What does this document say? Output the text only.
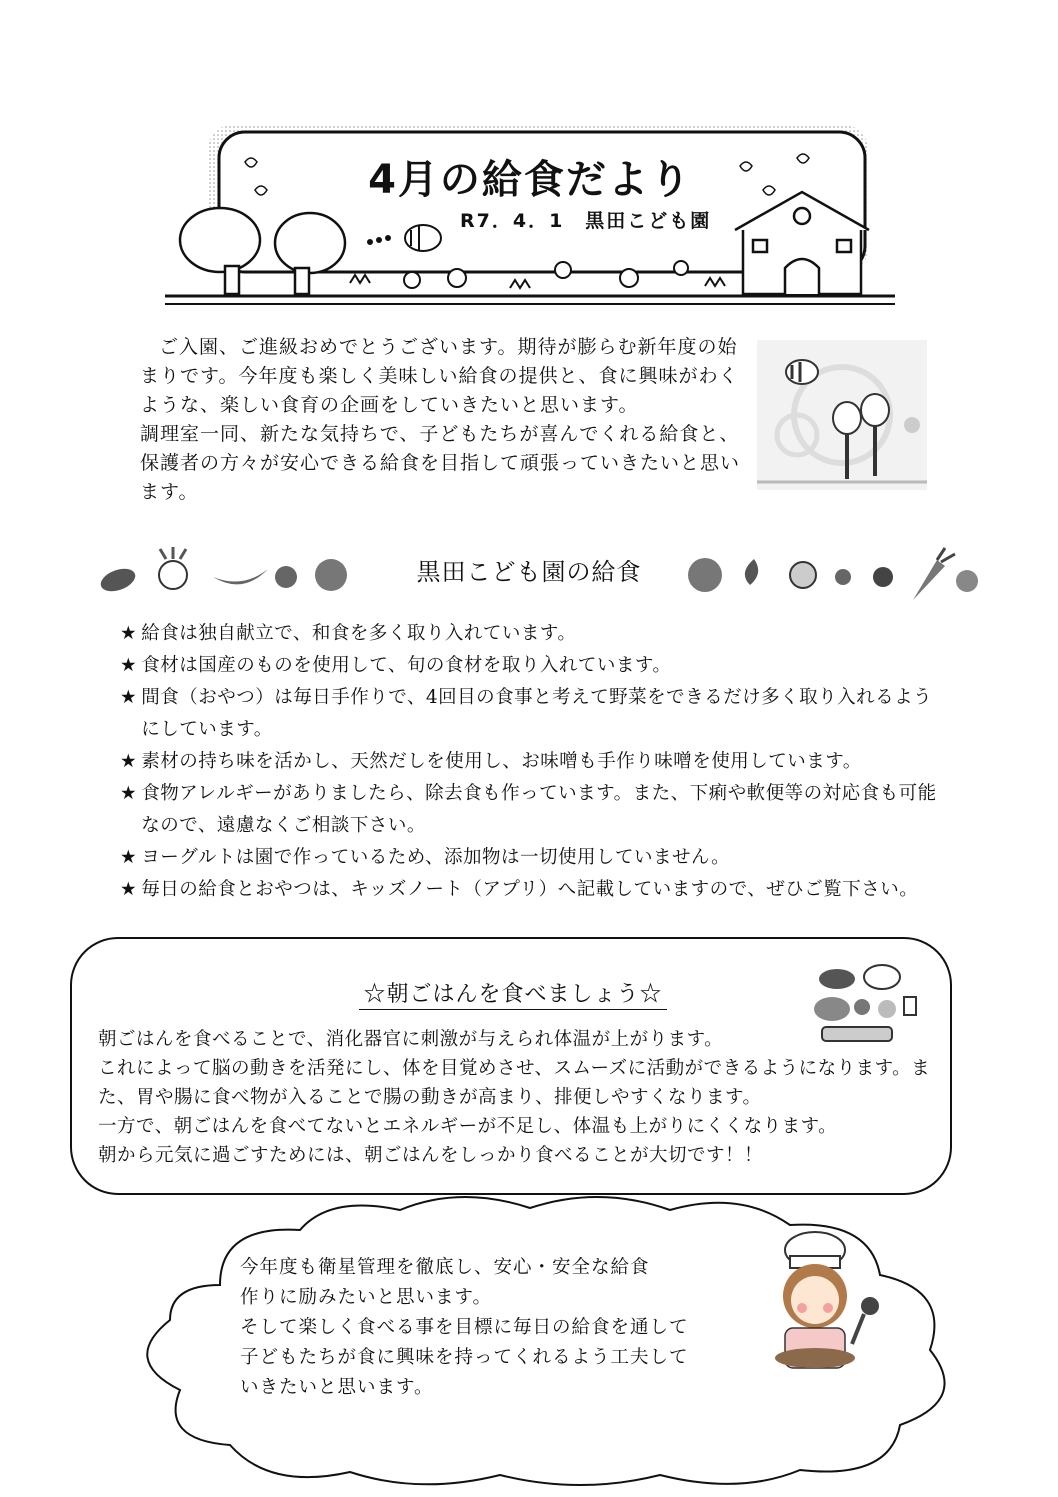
4月の給食だより
R7．4．1　黒田こども園

ご入園、ご進級おめでとうございます。期待が膨らむ新年度の始まりです。今年度も楽しく美味しい給食の提供と、食に興味がわくような、楽しい食育の企画をしていきたいと思います。

調理室一同、新たな気持ちで、子どもたちが喜んでくれる給食と、保護者の方々が安心できる給食を目指して頑張っていきたいと思います。

黒田こども園の給食
★ 給食は独自献立で、和食を多く取り入れています。
★ 食材は国産のものを使用して、旬の食材を取り入れています。
★ 間食（おやつ）は毎日手作りで、4回目の食事と考えて野菜をできるだけ多く取り入れるようにしています。
★ 素材の持ち味を活かし、天然だしを使用し、お味噌も手作り味噌を使用しています。
★ 食物アレルギーがありましたら、除去食も作っています。また、下痢や軟便等の対応食も可能なので、遠慮なくご相談下さい。
★ ヨーグルトは園で作っているため、添加物は一切使用していません。
★ 毎日の給食とおやつは、キッズノート（アプリ）へ記載していますので、ぜひご覧下さい。
☆朝ごはんを食べましょう☆
朝ごはんを食べることで、消化器官に刺激が与えられ体温が上がります。
これによって脳の動きを活発にし、体を目覚めさせ、スムーズに活動ができるようになります。また、胃や腸に食べ物が入ることで腸の動きが高まり、排便しやすくなります。
一方で、朝ごはんを食べてないとエネルギーが不足し、体温も上がりにくくなります。
朝から元気に過ごすためには、朝ごはんをしっかり食べることが大切です！！
今年度も衛星管理を徹底し、安心・安全な給食
作りに励みたいと思います。
そして楽しく食べる事を目標に毎日の給食を通して
子どもたちが食に興味を持ってくれるよう工夫して
いきたいと思います。
